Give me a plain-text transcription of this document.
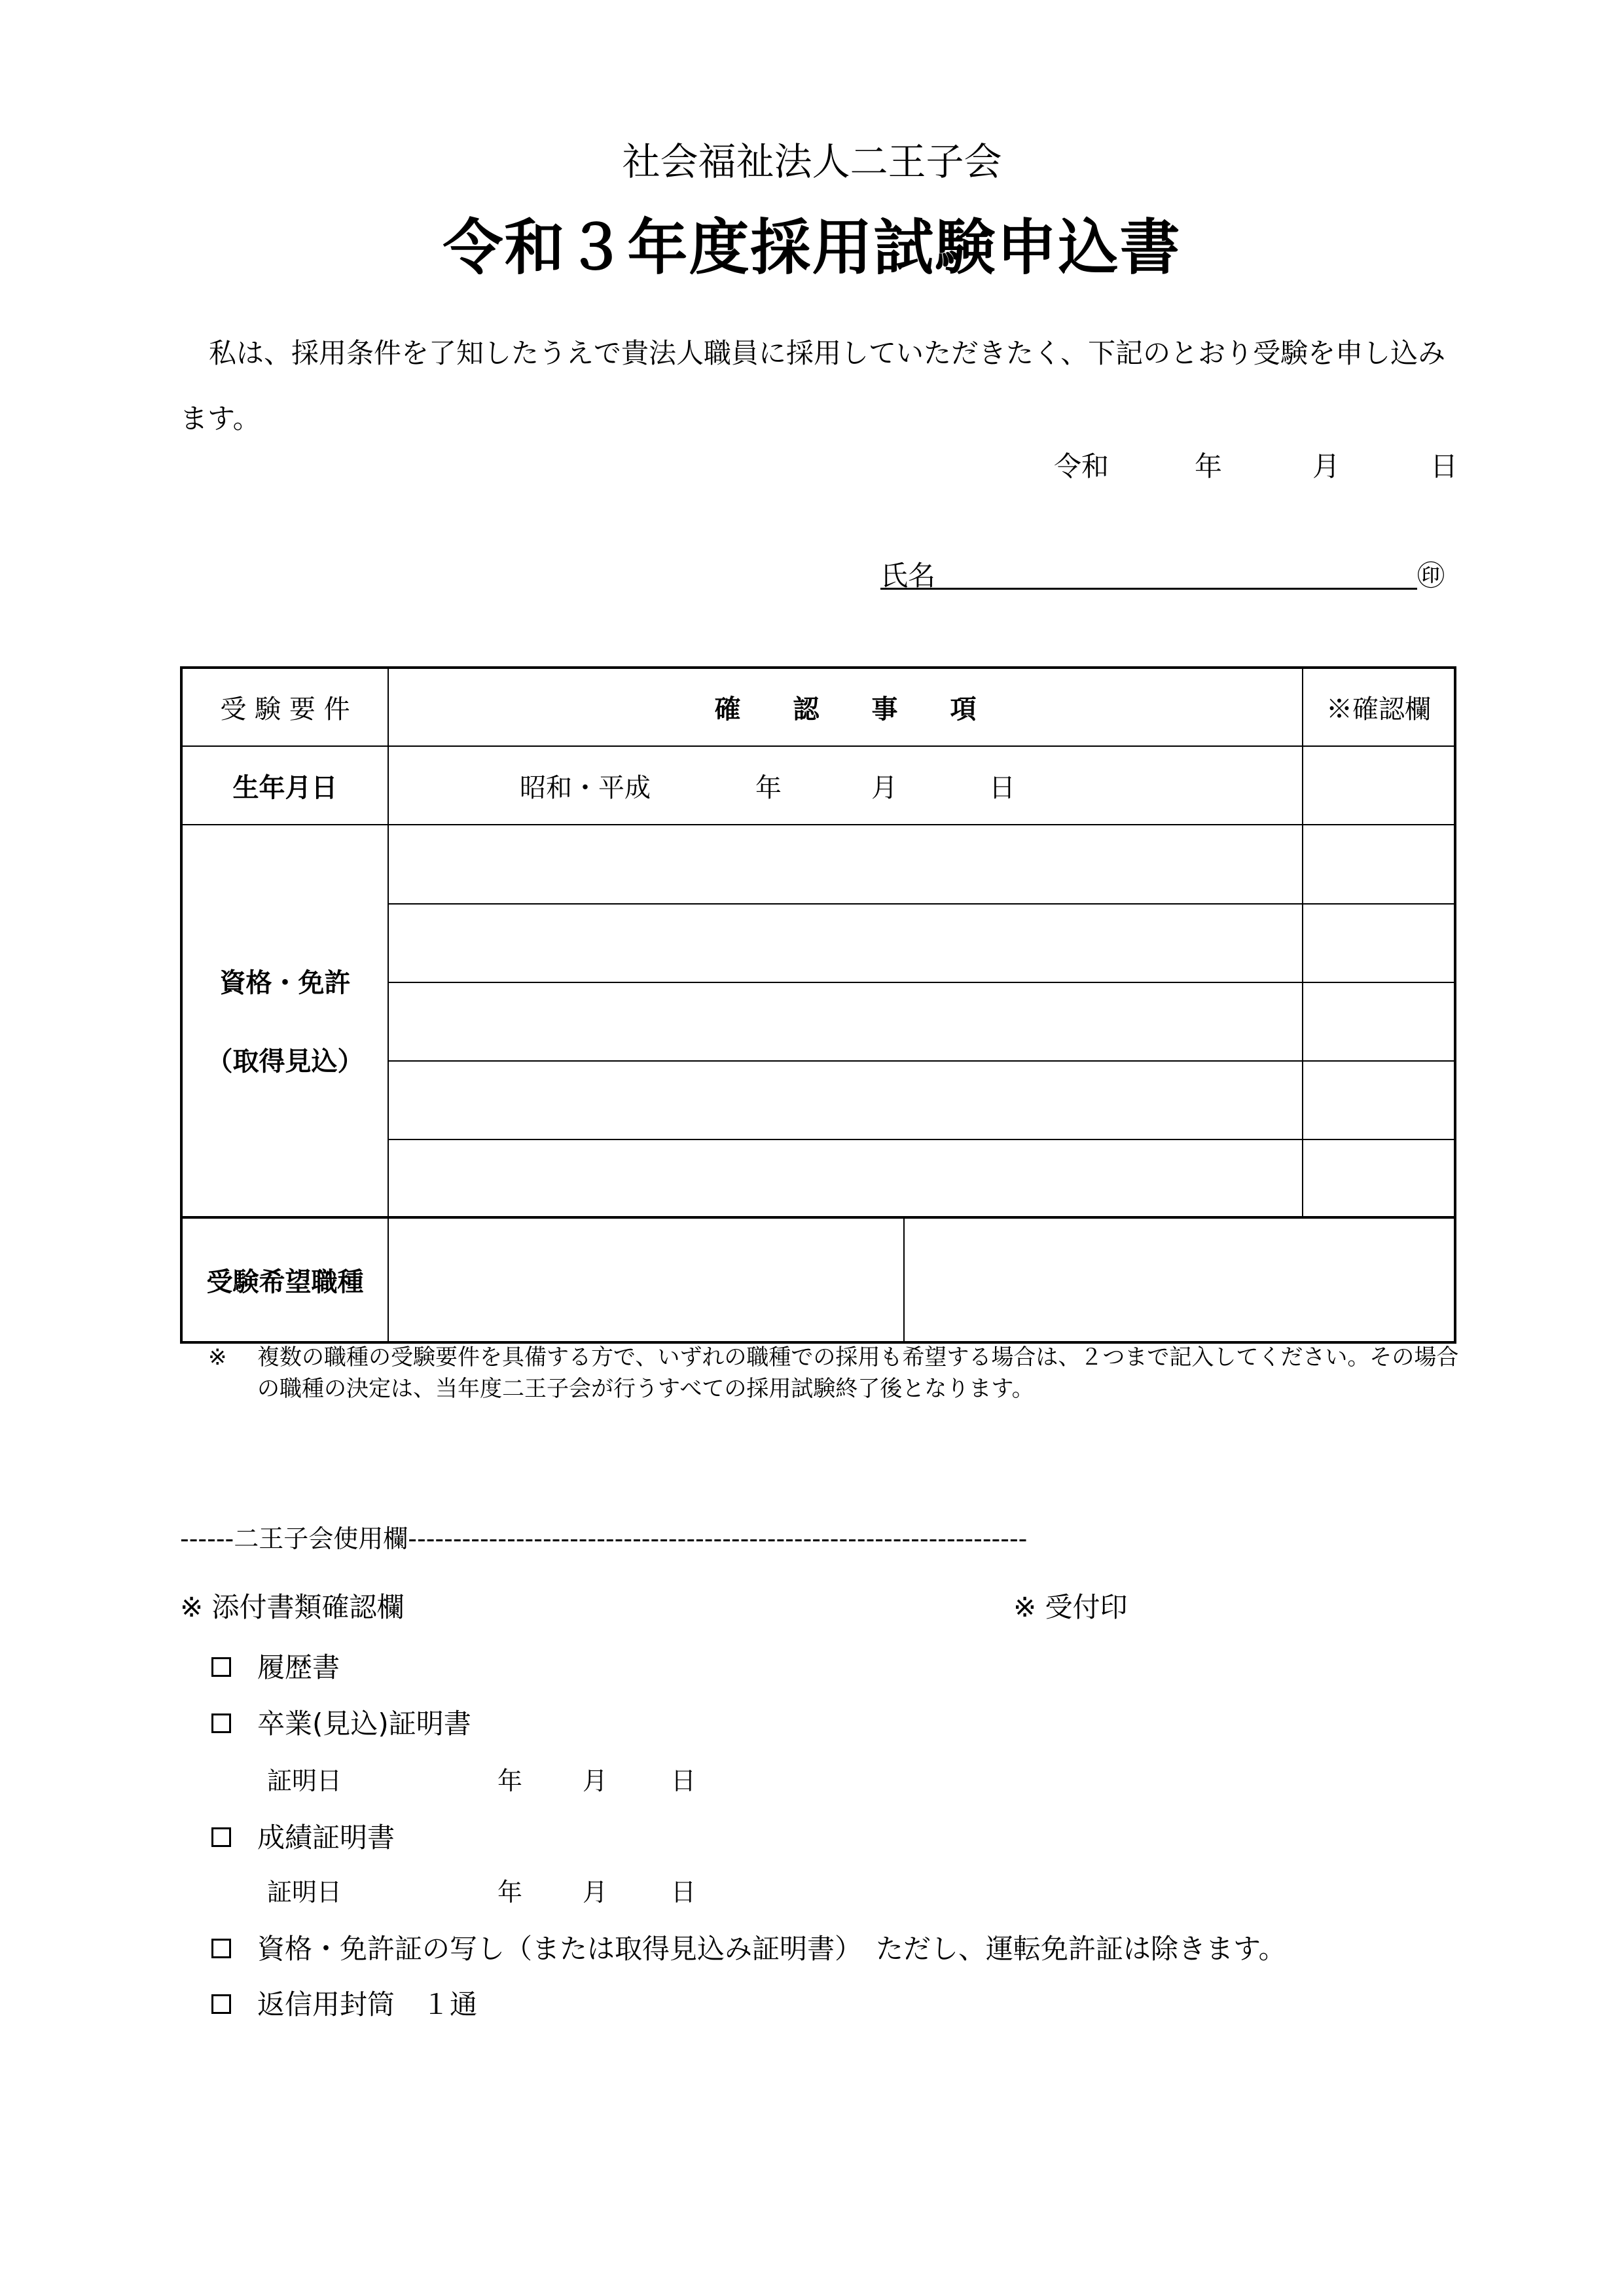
社会福祉法人二王子会
令和３年度採用試験申込書
私は、採用条件を了知したうえで貴法人職員に採用していただきたく、下記のとおり受験を申し込みます。
令和	年	月	日
氏名	㊞
受 験 要 件	確　　認　　事　　項	※確認欄
生年月日	昭和・平成	年	月	日
資格・免許
（取得見込）
受験希望職種
※	複数の職種の受験要件を具備する方で、いずれの職種での採用も希望する場合は、２つまで記入してください。その場合の職種の決定は、当年度二王子会が行うすべての採用試験終了後となります。
------二王子会使用欄---------------------------------------------------------------------
※ 添付書類確認欄	※ 受付印
履歴書
卒業(見込)証明書
証明日	年 月	日
成績証明書
証明日	年 月	日
資格・免許証の写し（または取得見込み証明書）　ただし、運転免許証は除きます。
返信用封筒　１通
